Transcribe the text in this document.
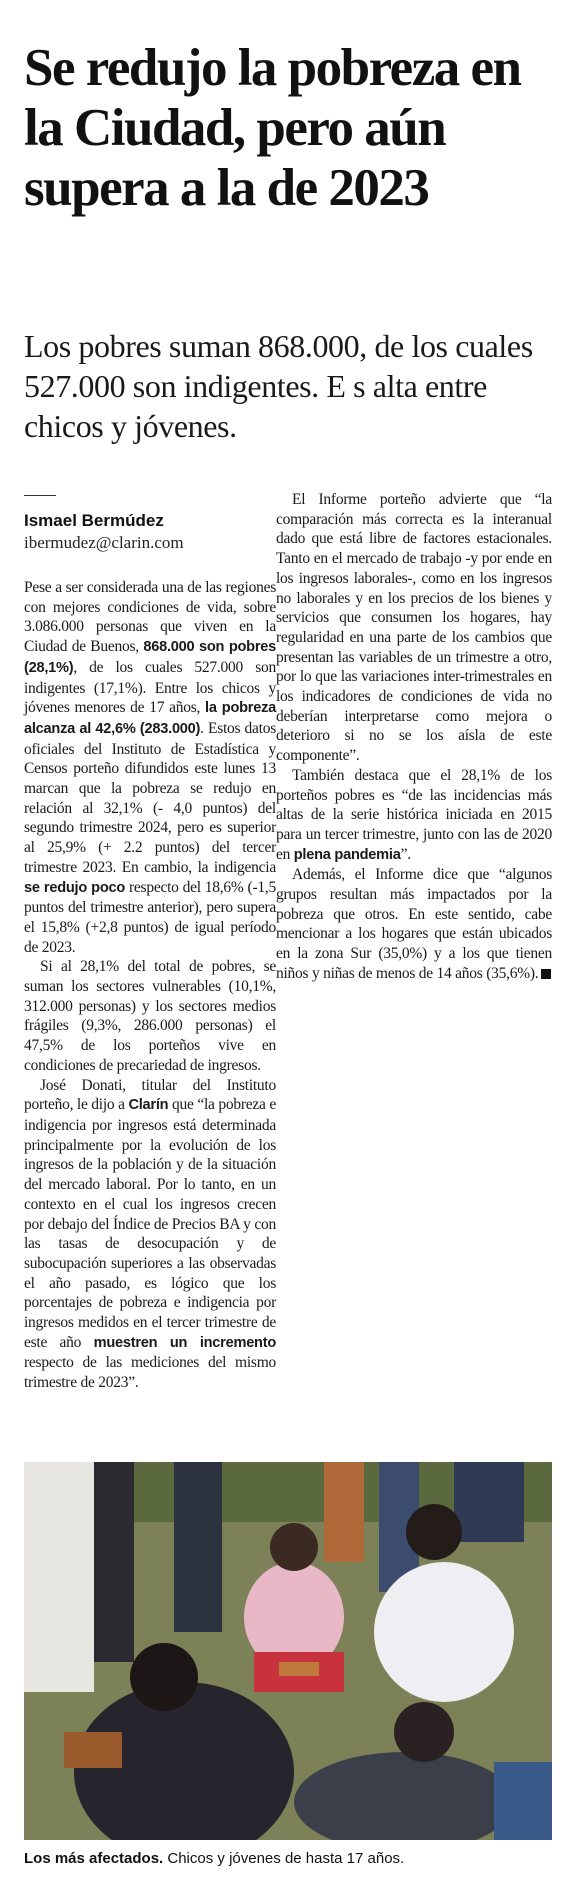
Se redujo la pobreza en la Ciudad, pero aún supera a la de 2023

Los pobres suman 868.000, de los cuales 527.000 son indigentes. E s alta entre chicos y jóvenes.

Ismael Bermúdez
ibermudez@clarin.com

Pese a ser considerada una de las regiones con mejores condiciones de vida, sobre 3.086.000 personas que viven en la Ciudad de Buenos, 868.000 son pobres (28,1%), de los cuales 527.000 son indigentes (17,1%). Entre los chicos y jóvenes menores de 17 años, la pobreza alcanza al 42,6% (283.000). Estos datos oficiales del Instituto de Estadística y Censos porteño difundidos este lunes 13 marcan que la pobreza se redujo en relación al 32,1% (- 4,0 puntos) del segundo trimestre 2024, pero es superior al 25,9% (+ 2.2 puntos) del tercer trimestre 2023. En cambio, la indigencia se redujo poco respecto del 18,6% (-1,5 puntos del trimestre anterior), pero supera el 15,8% (+2,8 puntos) de igual período de 2023.

Si al 28,1% del total de pobres, se suman los sectores vulnerables (10,1%, 312.000 personas) y los sectores medios frágiles (9,3%, 286.000 personas) el 47,5% de los porteños vive en condiciones de precariedad de ingresos.

José Donati, titular del Instituto porteño, le dijo a Clarín que “la pobreza e indigencia por ingresos está determinada principalmente por la evolución de los ingresos de la población y de la situación del mercado laboral. Por lo tanto, en un contexto en el cual los ingresos crecen por debajo del Índice de Precios BA y con las tasas de desocupación y de subocupación superiores a las observadas el año pasado, es lógico que los porcentajes de pobreza e indigencia por ingresos medidos en el tercer trimestre de este año muestren un incremento respecto de las mediciones del mismo trimestre de 2023”.

El Informe porteño advierte que “la comparación más correcta es la interanual dado que está libre de factores estacionales. Tanto en el mercado de trabajo -y por ende en los ingresos laborales-, como en los ingresos no laborales y en los precios de los bienes y servicios que consumen los hogares, hay regularidad en una parte de los cambios que presentan las variables de un trimestre a otro, por lo que las variaciones inter-trimestrales en los indicadores de condiciones de vida no deberían interpretarse como mejora o deterioro si no se los aísla de este componente”.

También destaca que el 28,1% de los porteños pobres es “de las incidencias más altas de la serie histórica iniciada en 2015 para un tercer trimestre, junto con las de 2020 en plena pandemia”.

Además, el Informe dice que “algunos grupos resultan más impactados por la pobreza que otros. En este sentido, cabe mencionar a los hogares que están ubicados en la zona Sur (35,0%) y a los que tienen niños y niñas de menos de 14 años (35,6%).

Los más afectados. Chicos y jóvenes de hasta 17 años.
